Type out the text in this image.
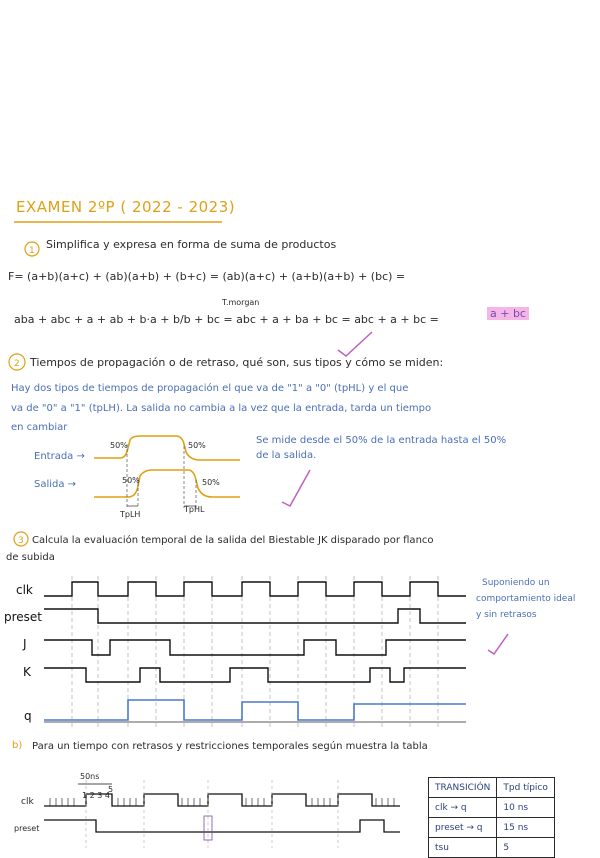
EXAMEN 2ºP ( 2022 - 2023)
1 Simplifica y expresa en forma de suma de productos
F= (a+b)(a+c) + (ab)(a+b) + (b+c) = (ab)(a+c) + (a+b)(a+b) + (bc) =
T.morgan
aba + abc + a + ab + b·a + b/b + bc = abc + a + ba + bc = abc + a + bc =	a + bc
2 Tiempos de propagación o de retraso, qué son, sus tipos y cómo se miden:
Hay dos tipos de tiempos de propagación el que va de "1" a "0" (tpHL) y el que
va de "0" a "1" (tpLH). La salida no cambia a la vez que la entrada, tarda un tiempo
en cambiar
Se mide desde el 50% de la entrada hasta el 50%
de la salida.
Entrada →
Salida →
50%	50%
50%	50%
TpLH
TpHL
3 Calcula la evaluación temporal de la salida del Biestable JK disparado por flanco
de subida
Suponiendo un
comportamiento ideal
y sin retrasos
clk
preset
J
K
q
b) Para un tiempo con retrasos y restricciones temporales según muestra la tabla
50ns
1 2 3 4
5
clk
preset
TRANSICIÓN	Tpd típico
clk → q	10 ns
preset → q	15 ns
tsu	5
